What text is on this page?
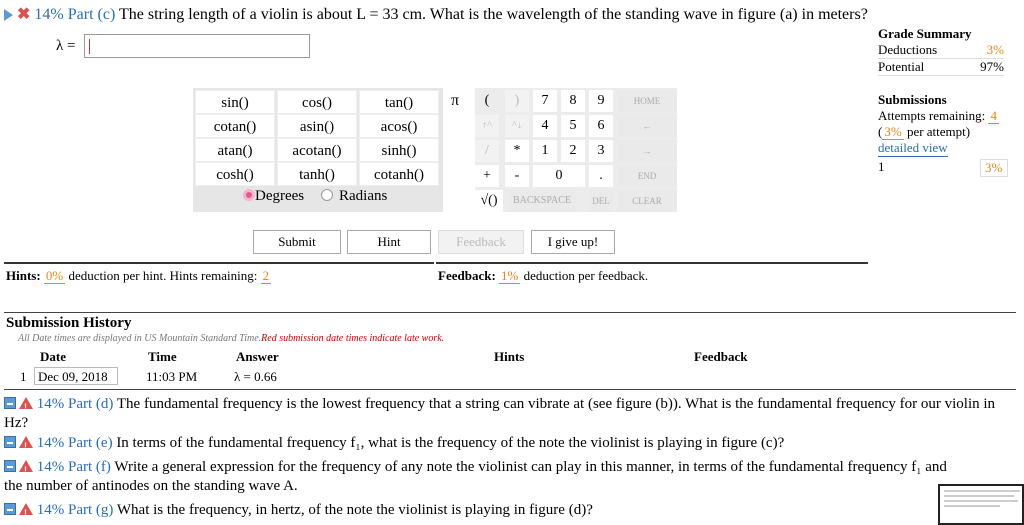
✖ 14% Part (c) The string length of a violin is about L = 33 cm. What is the wavelength of the standing wave in figure (a) in meters?
λ =
Grade Summary
Deductions	3%
Potential	97%
Submissions
Attempts remaining: 4
( 3% per attempt)
detailed view
1	3%
sin()	cos()	tan()
cotan()	asin()	acos()
atan()	acotan()	sinh()
cosh()	tanh()	cotanh()
Degrees	Radians
π	(	)	7	8	9	HOME
↑^	^↓	4	5	6	←
/	*	1	2	3	→
+	-	0	.	END
√()	BACKSPACE	DEL	CLEAR
Submit	Hint	Feedback	I give up!
Hints: 0% deduction per hint. Hints remaining: 2	Feedback: 1% deduction per feedback.
Submission History
All Date times are displayed in US Mountain Standard Time.Red submission date times indicate late work.
Date	Time	Answer	Hints	Feedback
1 Dec 09, 2018	11:03 PM	λ = 0.66
! 14% Part (d) The fundamental frequency is the lowest frequency that a string can vibrate at (see figure (b)). What is the fundamental frequency for our violin in Hz?
! 14% Part (e) In terms of the fundamental frequency f₁, what is the frequency of the note the violinist is playing in figure (c)?
! 14% Part (f) Write a general expression for the frequency of any note the violinist can play in this manner, in terms of the fundamental frequency f₁ and the number of antinodes on the standing wave A.
! 14% Part (g) What is the frequency, in hertz, of the note the violinist is playing in figure (d)?
